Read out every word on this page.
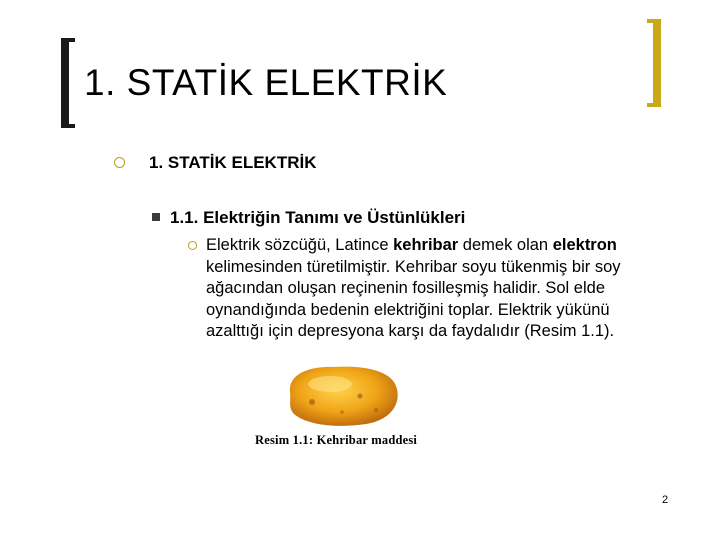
1. STATİK ELEKTRİK
1. STATİK ELEKTRİK
1.1. Elektriğin Tanımı ve Üstünlükleri
Elektrik sözcüğü, Latince kehribar demek olan elektron kelimesinden türetilmiştir. Kehribar soyu tükenmiş bir soy ağacından oluşan reçinenin fosilleşmiş halidir. Sol elde oynandığında bedenin elektriğini toplar. Elektrik yükünü azalttığı için depresyona karşı da faydalıdır (Resim 1.1).
Resim 1.1: Kehribar maddesi
2
